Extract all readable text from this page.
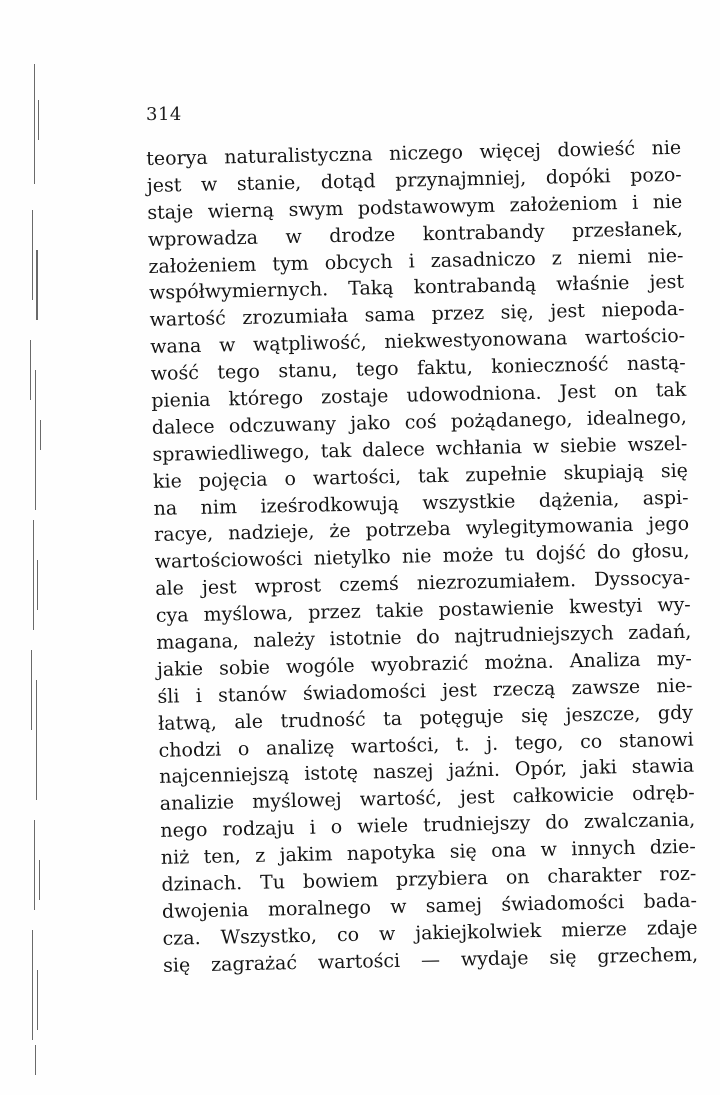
314
teorya naturalistyczna niczego więcej dowieść nie
jest w stanie, dotąd przynajmniej, dopóki pozo-
staje wierną swym podstawowym założeniom i nie
wprowadza w drodze kontrabandy przesłanek,
założeniem tym obcych i zasadniczo z niemi nie-
współwymiernych. Taką kontrabandą właśnie jest
wartość zrozumiała sama przez się, jest niepoda-
wana w wątpliwość, niekwestyonowana wartościo-
wość tego stanu, tego faktu, konieczność nastą-
pienia którego zostaje udowodniona. Jest on tak
dalece odczuwany jako coś pożądanego, idealnego,
sprawiedliwego, tak dalece wchłania w siebie wszel-
kie pojęcia o wartości, tak zupełnie skupiają się
na nim iześrodkowują wszystkie dążenia, aspi-
racye, nadzieje, że potrzeba wylegitymowania jego
wartościowości nietylko nie może tu dojść do głosu,
ale jest wprost czemś niezrozumiałem. Dyssocya-
cya myślowa, przez takie postawienie kwestyi wy-
magana, należy istotnie do najtrudniejszych zadań,
jakie sobie wogóle wyobrazić można. Analiza my-
śli i stanów świadomości jest rzeczą zawsze nie-
łatwą, ale trudność ta potęguje się jeszcze, gdy
chodzi o analizę wartości, t. j. tego, co stanowi
najcenniejszą istotę naszej jaźni. Opór, jaki stawia
analizie myślowej wartość, jest całkowicie odręb-
nego rodzaju i o wiele trudniejszy do zwalczania,
niż ten, z jakim napotyka się ona w innych dzie-
dzinach. Tu bowiem przybiera on charakter roz-
dwojenia moralnego w samej świadomości bada-
cza. Wszystko, co w jakiejkolwiek mierze zdaje
się zagrażać wartości — wydaje się grzechem,
